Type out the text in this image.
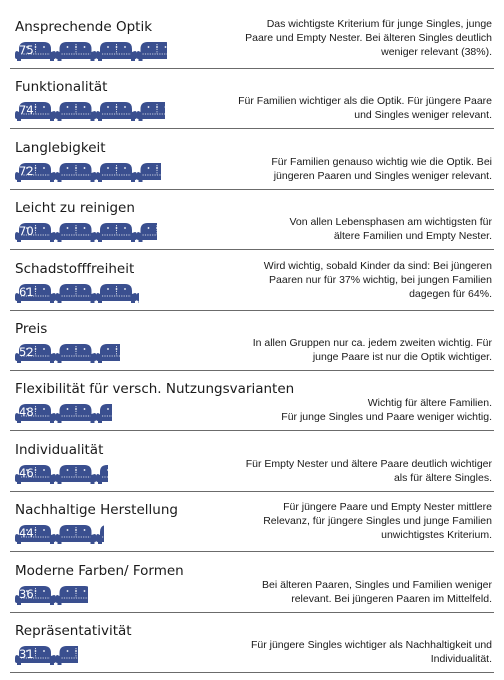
Ansprechende Optik
75
Das wichtigste Kriterium für junge Singles, junge
Paare und Empty Nester. Bei älteren Singles deutlich
weniger relevant (38%).
Funktionalität
74
Für Familien wichtiger als die Optik. Für jüngere Paare
und Singles weniger relevant.
Langlebigkeit
72
Für Familien genauso wichtig wie die Optik. Bei
jüngeren Paaren und Singles weniger relevant.
Leicht zu reinigen
70
Von allen Lebensphasen am wichtigsten für
ältere Familien und Empty Nester.
Schadstofffreiheit
61
Wird wichtig, sobald Kinder da sind: Bei jüngeren
Paaren nur für 37% wichtig, bei jungen Familien
dagegen für 64%.
Preis
52
In allen Gruppen nur ca. jedem zweiten wichtig. Für
junge Paare ist nur die Optik wichtiger.
Flexibilität für versch. Nutzungsvarianten
48
Wichtig für ältere Familien.
Für junge Singles und Paare weniger wichtig.
Individualität
46
Für Empty Nester und ältere Paare deutlich wichtiger
als für ältere Singles.
Nachhaltige Herstellung
44
Für jüngere Paare und Empty Nester mittlere
Relevanz, für jüngere Singles und junge Familien
unwichtigstes Kriterium.
Moderne Farben/ Formen
36
Bei älteren Paaren, Singles und Familien weniger
relevant. Bei jüngeren Paaren im Mittelfeld.
Repräsentativität
31
Für jüngere Singles wichtiger als Nachhaltigkeit und
Individualität.
